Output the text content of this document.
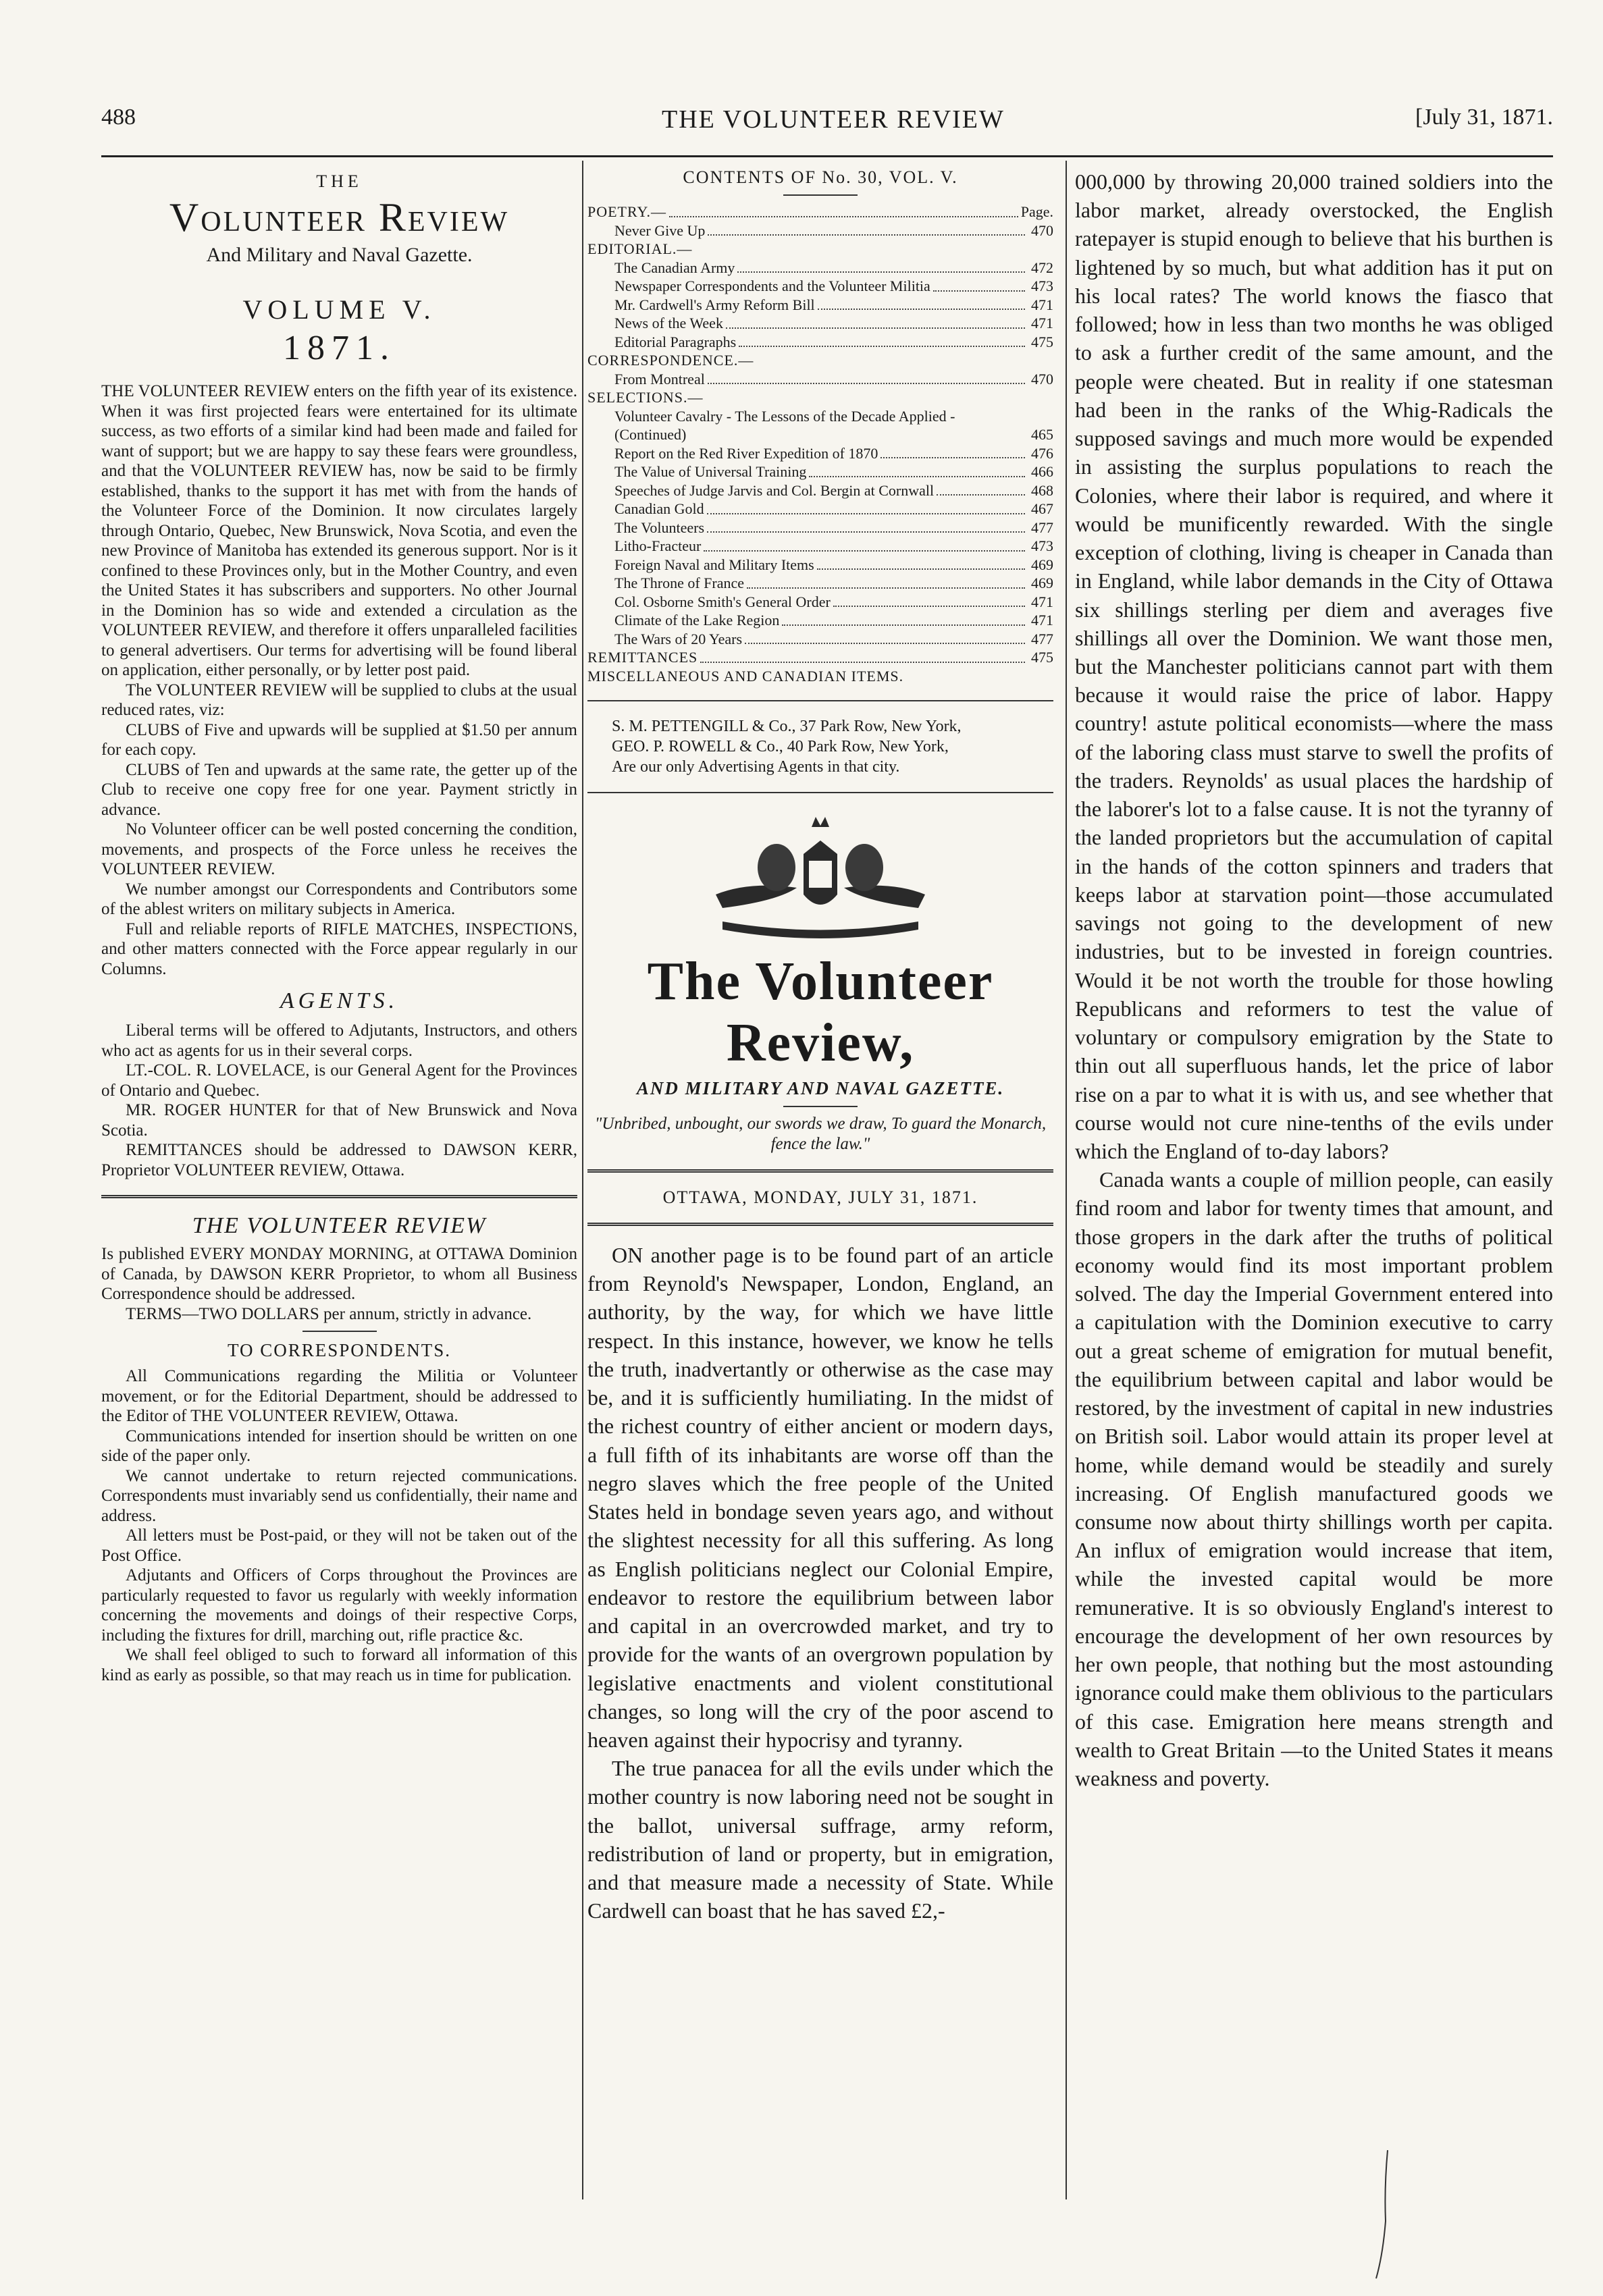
488	THE VOLUNTEER REVIEW	[July 31, 1871.
THE
Volunteer Review
And Military and Naval Gazette.
VOLUME V.
1871.

THE VOLUNTEER REVIEW enters on the fifth year of its existence. When it was first projected fears were entertained for its ultimate success, as two efforts of a similar kind had been made and failed for want of support; but we are happy to say these fears were groundless, and that the VOLUNTEER REVIEW has, now be said to be firmly established, thanks to the support it has met with from the hands of the Volunteer Force of the Dominion. It now circulates largely through Ontario, Quebec, New Brunswick, Nova Scotia, and even the new Province of Manitoba has extended its generous support. Nor is it confined to these Provinces only, but in the Mother Country, and even the United States it has subscribers and supporters. No other Journal in the Dominion has so wide and extended a circulation as the VOLUNTEER REVIEW, and therefore it offers unparalleled facilities to general advertisers. Our terms for advertising will be found liberal on application, either personally, or by letter post paid.

The VOLUNTEER REVIEW will be supplied to clubs at the usual reduced rates, viz:

CLUBS of Five and upwards will be supplied at $1.50 per annum for each copy.

CLUBS of Ten and upwards at the same rate, the getter up of the Club to receive one copy free for one year. Payment strictly in advance.

No Volunteer officer can be well posted concerning the condition, movements, and prospects of the Force unless he receives the VOLUNTEER REVIEW.

We number amongst our Correspondents and Contributors some of the ablest writers on military subjects in America.

Full and reliable reports of RIFLE MATCHES, INSPECTIONS, and other matters connected with the Force appear regularly in our Columns.

AGENTS.

Liberal terms will be offered to Adjutants, Instructors, and others who act as agents for us in their several corps.

LT.-COL. R. LOVELACE, is our General Agent for the Provinces of Ontario and Quebec.

MR. ROGER HUNTER for that of New Brunswick and Nova Scotia.

REMITTANCES should be addressed to DAWSON KERR, Proprietor VOLUNTEER REVIEW, Ottawa.

THE VOLUNTEER REVIEW

Is published EVERY MONDAY MORNING, at OTTAWA Dominion of Canada, by DAWSON KERR Proprietor, to whom all Business Correspondence should be addressed.

TERMS—TWO DOLLARS per annum, strictly in advance.

TO CORRESPONDENTS.

All Communications regarding the Militia or Volunteer movement, or for the Editorial Department, should be addressed to the Editor of THE VOLUNTEER REVIEW, Ottawa.

Communications intended for insertion should be written on one side of the paper only.

We cannot undertake to return rejected communications. Correspondents must invariably send us confidentially, their name and address.

All letters must be Post-paid, or they will not be taken out of the Post Office.

Adjutants and Officers of Corps throughout the Provinces are particularly requested to favor us regularly with weekly information concerning the movements and doings of their respective Corps, including the fixtures for drill, marching out, rifle practice &c.

We shall feel obliged to such to forward all information of this kind as early as possible, so that may reach us in time for publication.

CONTENTS OF No. 30, VOL. V.
POETRY.—	Page.
Never Give Up	470
EDITORIAL.—
The Canadian Army	472
Newspaper Correspondents and the Volunteer Militia	473
Mr. Cardwell's Army Reform Bill	471
News of the Week	471
Editorial Paragraphs	475
CORRESPONDENCE.—
From Montreal	470
SELECTIONS.—
Volunteer Cavalry - The Lessons of the Decade Applied - (Continued)	465
Report on the Red River Expedition of 1870	476
The Value of Universal Training	466
Speeches of Judge Jarvis and Col. Bergin at Cornwall	468
Canadian Gold	467
The Volunteers	477
Litho-Fracteur	473
Foreign Naval and Military Items	469
The Throne of France	469
Col. Osborne Smith's General Order	471
Climate of the Lake Region	471
The Wars of 20 Years	477
REMITTANCES	475
MISCELLANEOUS AND CANADIAN ITEMS.

S. M. PETTENGILL & Co., 37 Park Row, New York,

GEO. P. ROWELL & Co., 40 Park Row, New York,

Are our only Advertising Agents in that city.

The Volunteer Review,
AND MILITARY AND NAVAL GAZETTE.
"Unbribed, unbought, our swords we draw, To guard the Monarch, fence the law."
OTTAWA, MONDAY, JULY 31, 1871.

ON another page is to be found part of an article from Reynold's Newspaper, London, England, an authority, by the way, for which we have little respect. In this instance, however, we know he tells the truth, inadvertantly or otherwise as the case may be, and it is sufficiently humiliating. In the midst of the richest country of either ancient or modern days, a full fifth of its inhabitants are worse off than the negro slaves which the free people of the United States held in bondage seven years ago, and without the slightest necessity for all this suffering. As long as English politicians neglect our Colonial Empire, endeavor to restore the equilibrium between labor and capital in an overcrowded market, and try to provide for the wants of an overgrown population by legislative enactments and violent constitutional changes, so long will the cry of the poor ascend to heaven against their hypocrisy and tyranny.

The true panacea for all the evils under which the mother country is now laboring need not be sought in the ballot, universal suffrage, army reform, redistribution of land or property, but in emigration, and that measure made a necessity of State. While Cardwell can boast that he has saved £2,-

000,000 by throwing 20,000 trained soldiers into the labor market, already overstocked, the English ratepayer is stupid enough to believe that his burthen is lightened by so much, but what addition has it put on his local rates? The world knows the fiasco that followed; how in less than two months he was obliged to ask a further credit of the same amount, and the people were cheated. But in reality if one statesman had been in the ranks of the Whig-Radicals the supposed savings and much more would be expended in assisting the surplus populations to reach the Colonies, where their labor is required, and where it would be munificently rewarded. With the single exception of clothing, living is cheaper in Canada than in England, while labor demands in the City of Ottawa six shillings sterling per diem and averages five shillings all over the Dominion. We want those men, but the Manchester politicians cannot part with them because it would raise the price of labor. Happy country! astute political economists—where the mass of the laboring class must starve to swell the profits of the traders. Reynolds' as usual places the hardship of the laborer's lot to a false cause. It is not the tyranny of the landed proprietors but the accumulation of capital in the hands of the cotton spinners and traders that keeps labor at starvation point—those accumulated savings not going to the development of new industries, but to be invested in foreign countries. Would it be not worth the trouble for those howling Republicans and reformers to test the value of voluntary or compulsory emigration by the State to thin out all superfluous hands, let the price of labor rise on a par to what it is with us, and see whether that course would not cure nine-tenths of the evils under which the England of to-day labors?

Canada wants a couple of million people, can easily find room and labor for twenty times that amount, and those gropers in the dark after the truths of political economy would find its most important problem solved. The day the Imperial Government entered into a capitulation with the Dominion executive to carry out a great scheme of emigration for mutual benefit, the equilibrium between capital and labor would be restored, by the investment of capital in new industries on British soil. Labor would attain its proper level at home, while demand would be steadily and surely increasing. Of English manufactured goods we consume now about thirty shillings worth per capita. An influx of emigration would increase that item, while the invested capital would be more remunerative. It is so obviously England's interest to encourage the development of her own resources by her own people, that nothing but the most astounding ignorance could make them oblivious to the particulars of this case. Emigration here means strength and wealth to Great Britain —to the United States it means weakness and poverty.
